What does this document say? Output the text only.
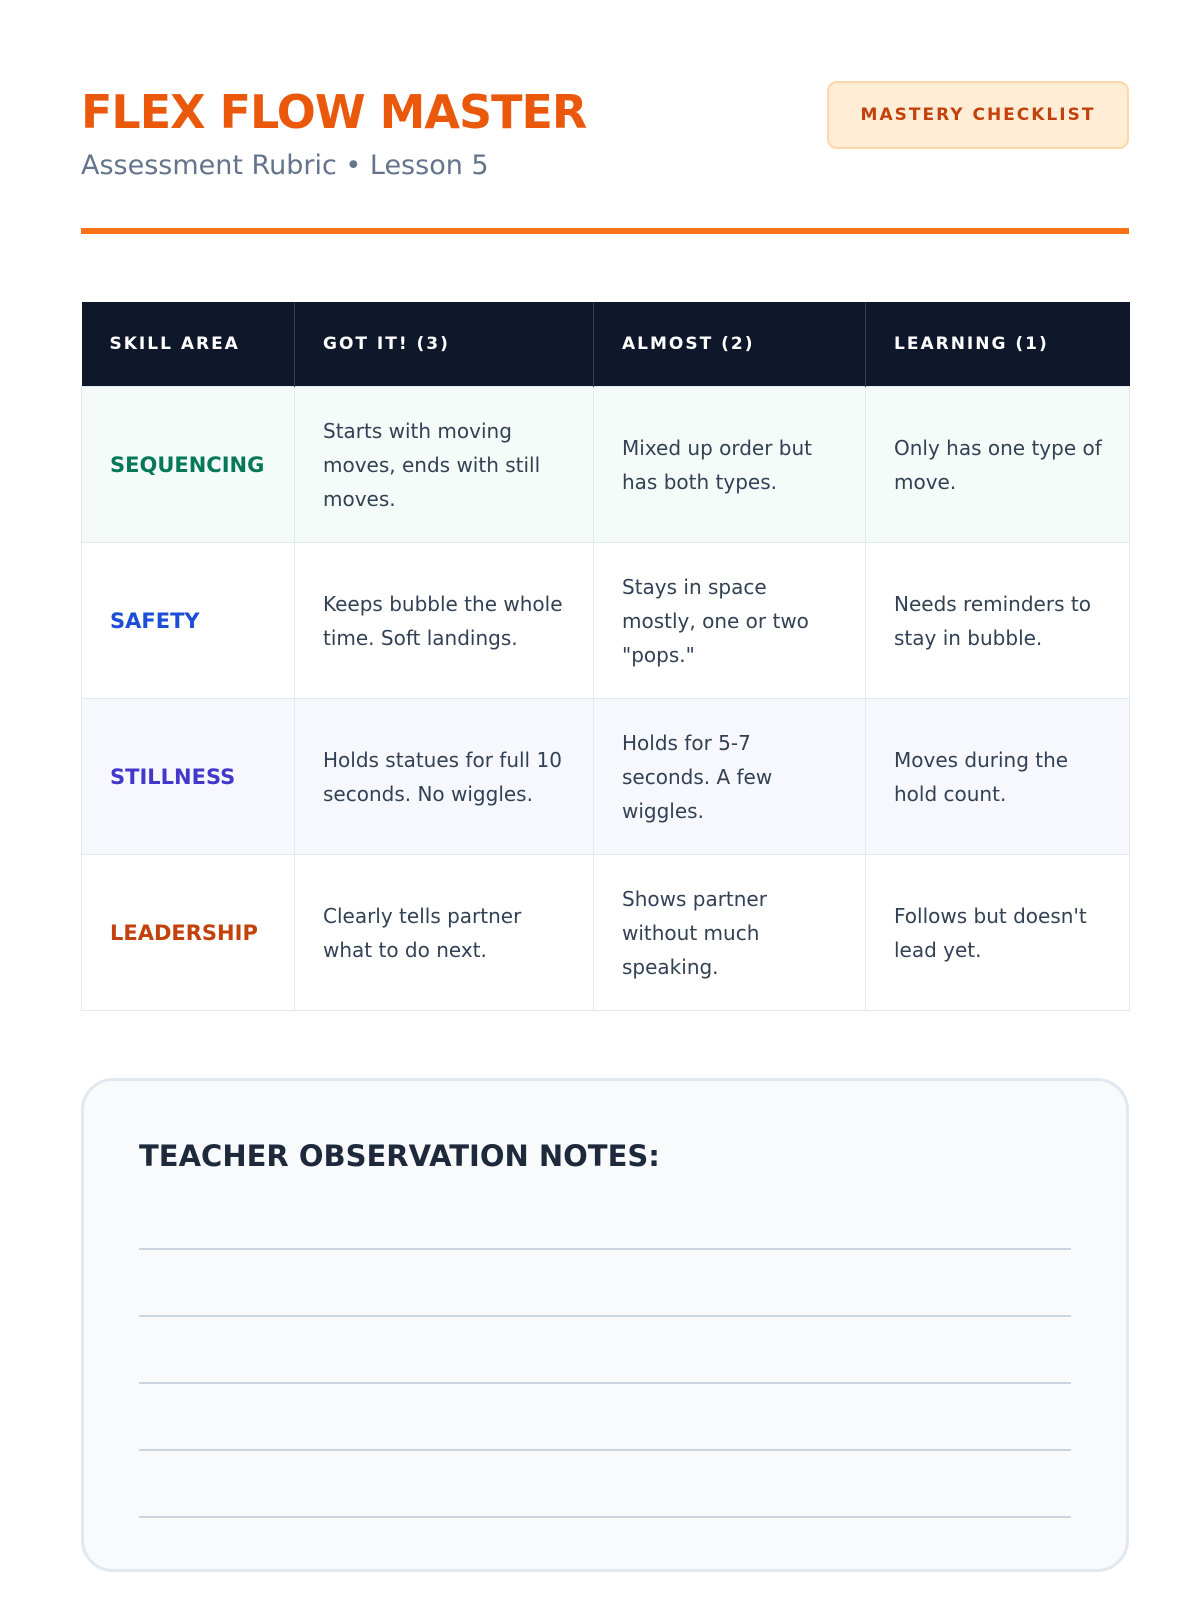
FLEX FLOW MASTER
Assessment Rubric • Lesson 5
MASTERY CHECKLIST
SKILL AREA	GOT IT! (3)	ALMOST (2)	LEARNING (1)
SEQUENCING	Starts with moving moves, ends with still moves.	Mixed up order but has both types.	Only has one type of move.
SAFETY	Keeps bubble the whole time. Soft landings.	Stays in space mostly, one or two "pops."	Needs reminders to stay in bubble.
STILLNESS	Holds statues for full 10 seconds. No wiggles.	Holds for 5-7 seconds. A few wiggles.	Moves during the hold count.
LEADERSHIP	Clearly tells partner what to do next.	Shows partner without much speaking.	Follows but doesn't lead yet.
TEACHER OBSERVATION NOTES:
